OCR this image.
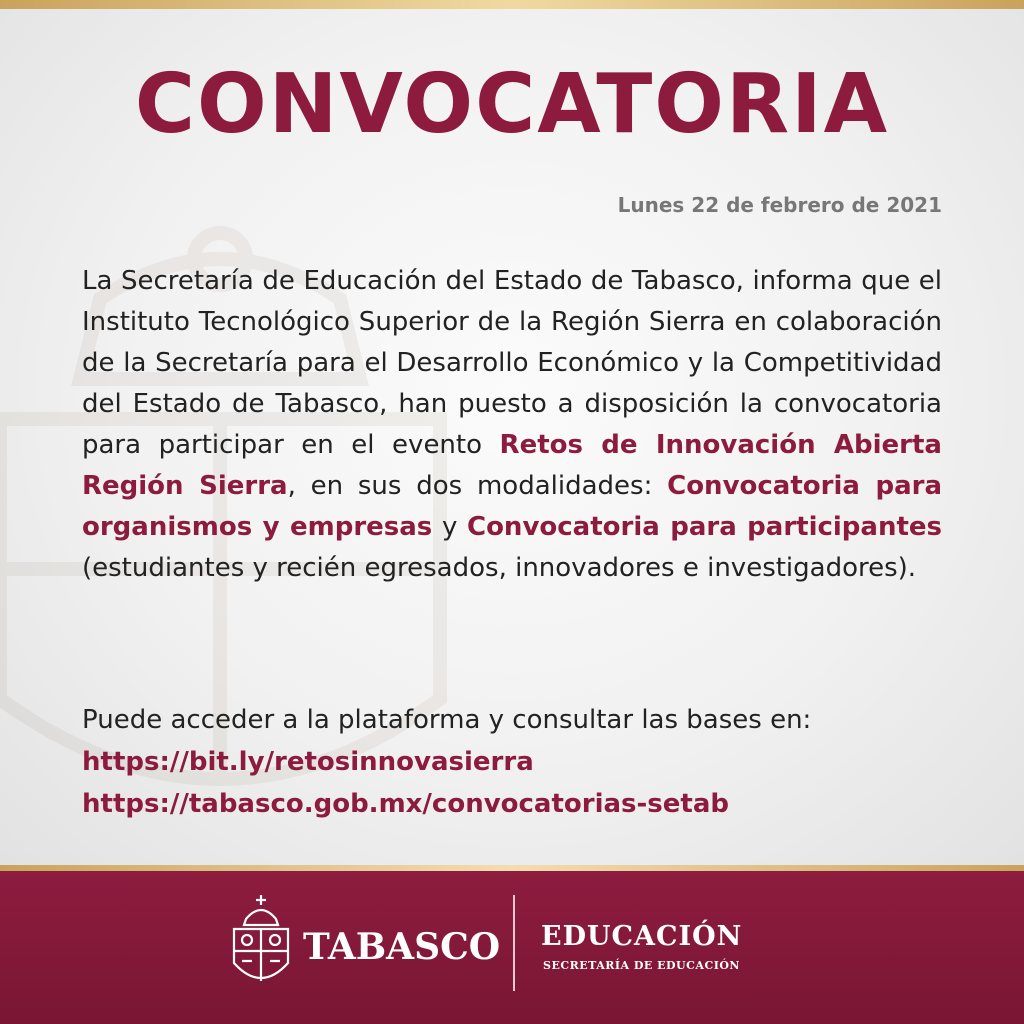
CONVOCATORIA
Lunes 22 de febrero de 2021

La Secretaría de Educación del Estado de Tabasco, informa que el Instituto Tecnológico Superior de la Región Sierra en colaboración de la Secretaría para el Desarrollo Económico y la Competitividad del Estado de Tabasco, han puesto a disposición la convocatoria para participar en el evento Retos de Innovación Abierta Región Sierra, en sus dos modalidades: Convocatoria para organismos y empresas y Convocatoria para participantes (estudiantes y recién egresados, innovadores e investigadores).

Puede acceder a la plataforma y consultar las bases en:
https://bit.ly/retosinnovasierra
https://tabasco.gob.mx/convocatorias-setab
TABASCO EDUCACIÓN
SECRETARÍA DE EDUCACIÓN
